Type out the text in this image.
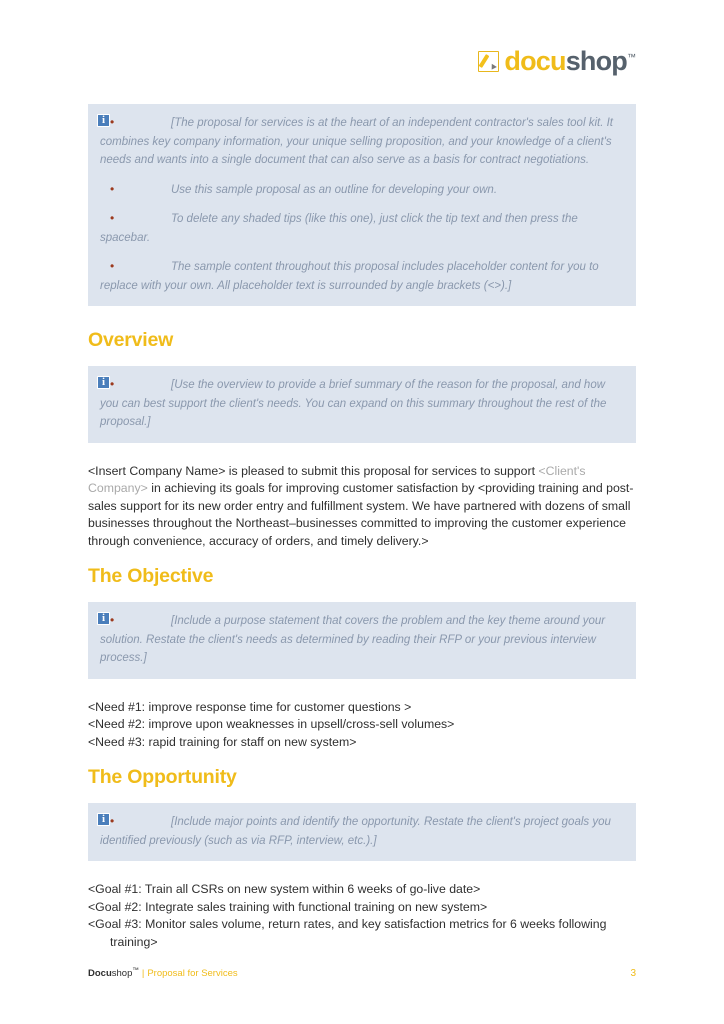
docushop™
i
•	[The proposal for services is at the heart of an independent contractor's sales tool kit. It combines key company information, your unique selling proposition, and your knowledge of a client's needs and wants into a single document that can also serve as a basis for contract negotiations.
•	Use this sample proposal as an outline for developing your own.
•	To delete any shaded tips (like this one), just click the tip text and then press the spacebar.
•	The sample content throughout this proposal includes placeholder content for you to replace with your own. All placeholder text is surrounded by angle brackets (<>).]
Overview
i
•	[Use the overview to provide a brief summary of the reason for the proposal, and how you can best support the client's needs. You can expand on this summary throughout the rest of the proposal.]

<Insert Company Name> is pleased to submit this proposal for services to support <Client's Company> in achieving its goals for improving customer satisfaction by <providing training and post-sales support for its new order entry and fulfillment system. We have partnered with dozens of small businesses throughout the Northeast–businesses committed to improving the customer experience through convenience, accuracy of orders, and timely delivery.>

The Objective
i
•	[Include a purpose statement that covers the problem and the key theme around your solution. Restate the client's needs as determined by reading their RFP or your previous interview process.]
<Need #1: improve response time for customer questions >
<Need #2: improve upon weaknesses in upsell/cross-sell volumes>
<Need #3: rapid training for staff on new system>
The Opportunity
i
•	[Include major points and identify the opportunity. Restate the client's project goals you identified previously (such as via RFP, interview, etc.).]
<Goal #1: Train all CSRs on new system within 6 weeks of go-live date>
<Goal #2: Integrate sales training with functional training on new system>
<Goal #3: Monitor sales volume, return rates, and key satisfaction metrics for 6 weeks following training>
Docushop™ | Proposal for Services	3
